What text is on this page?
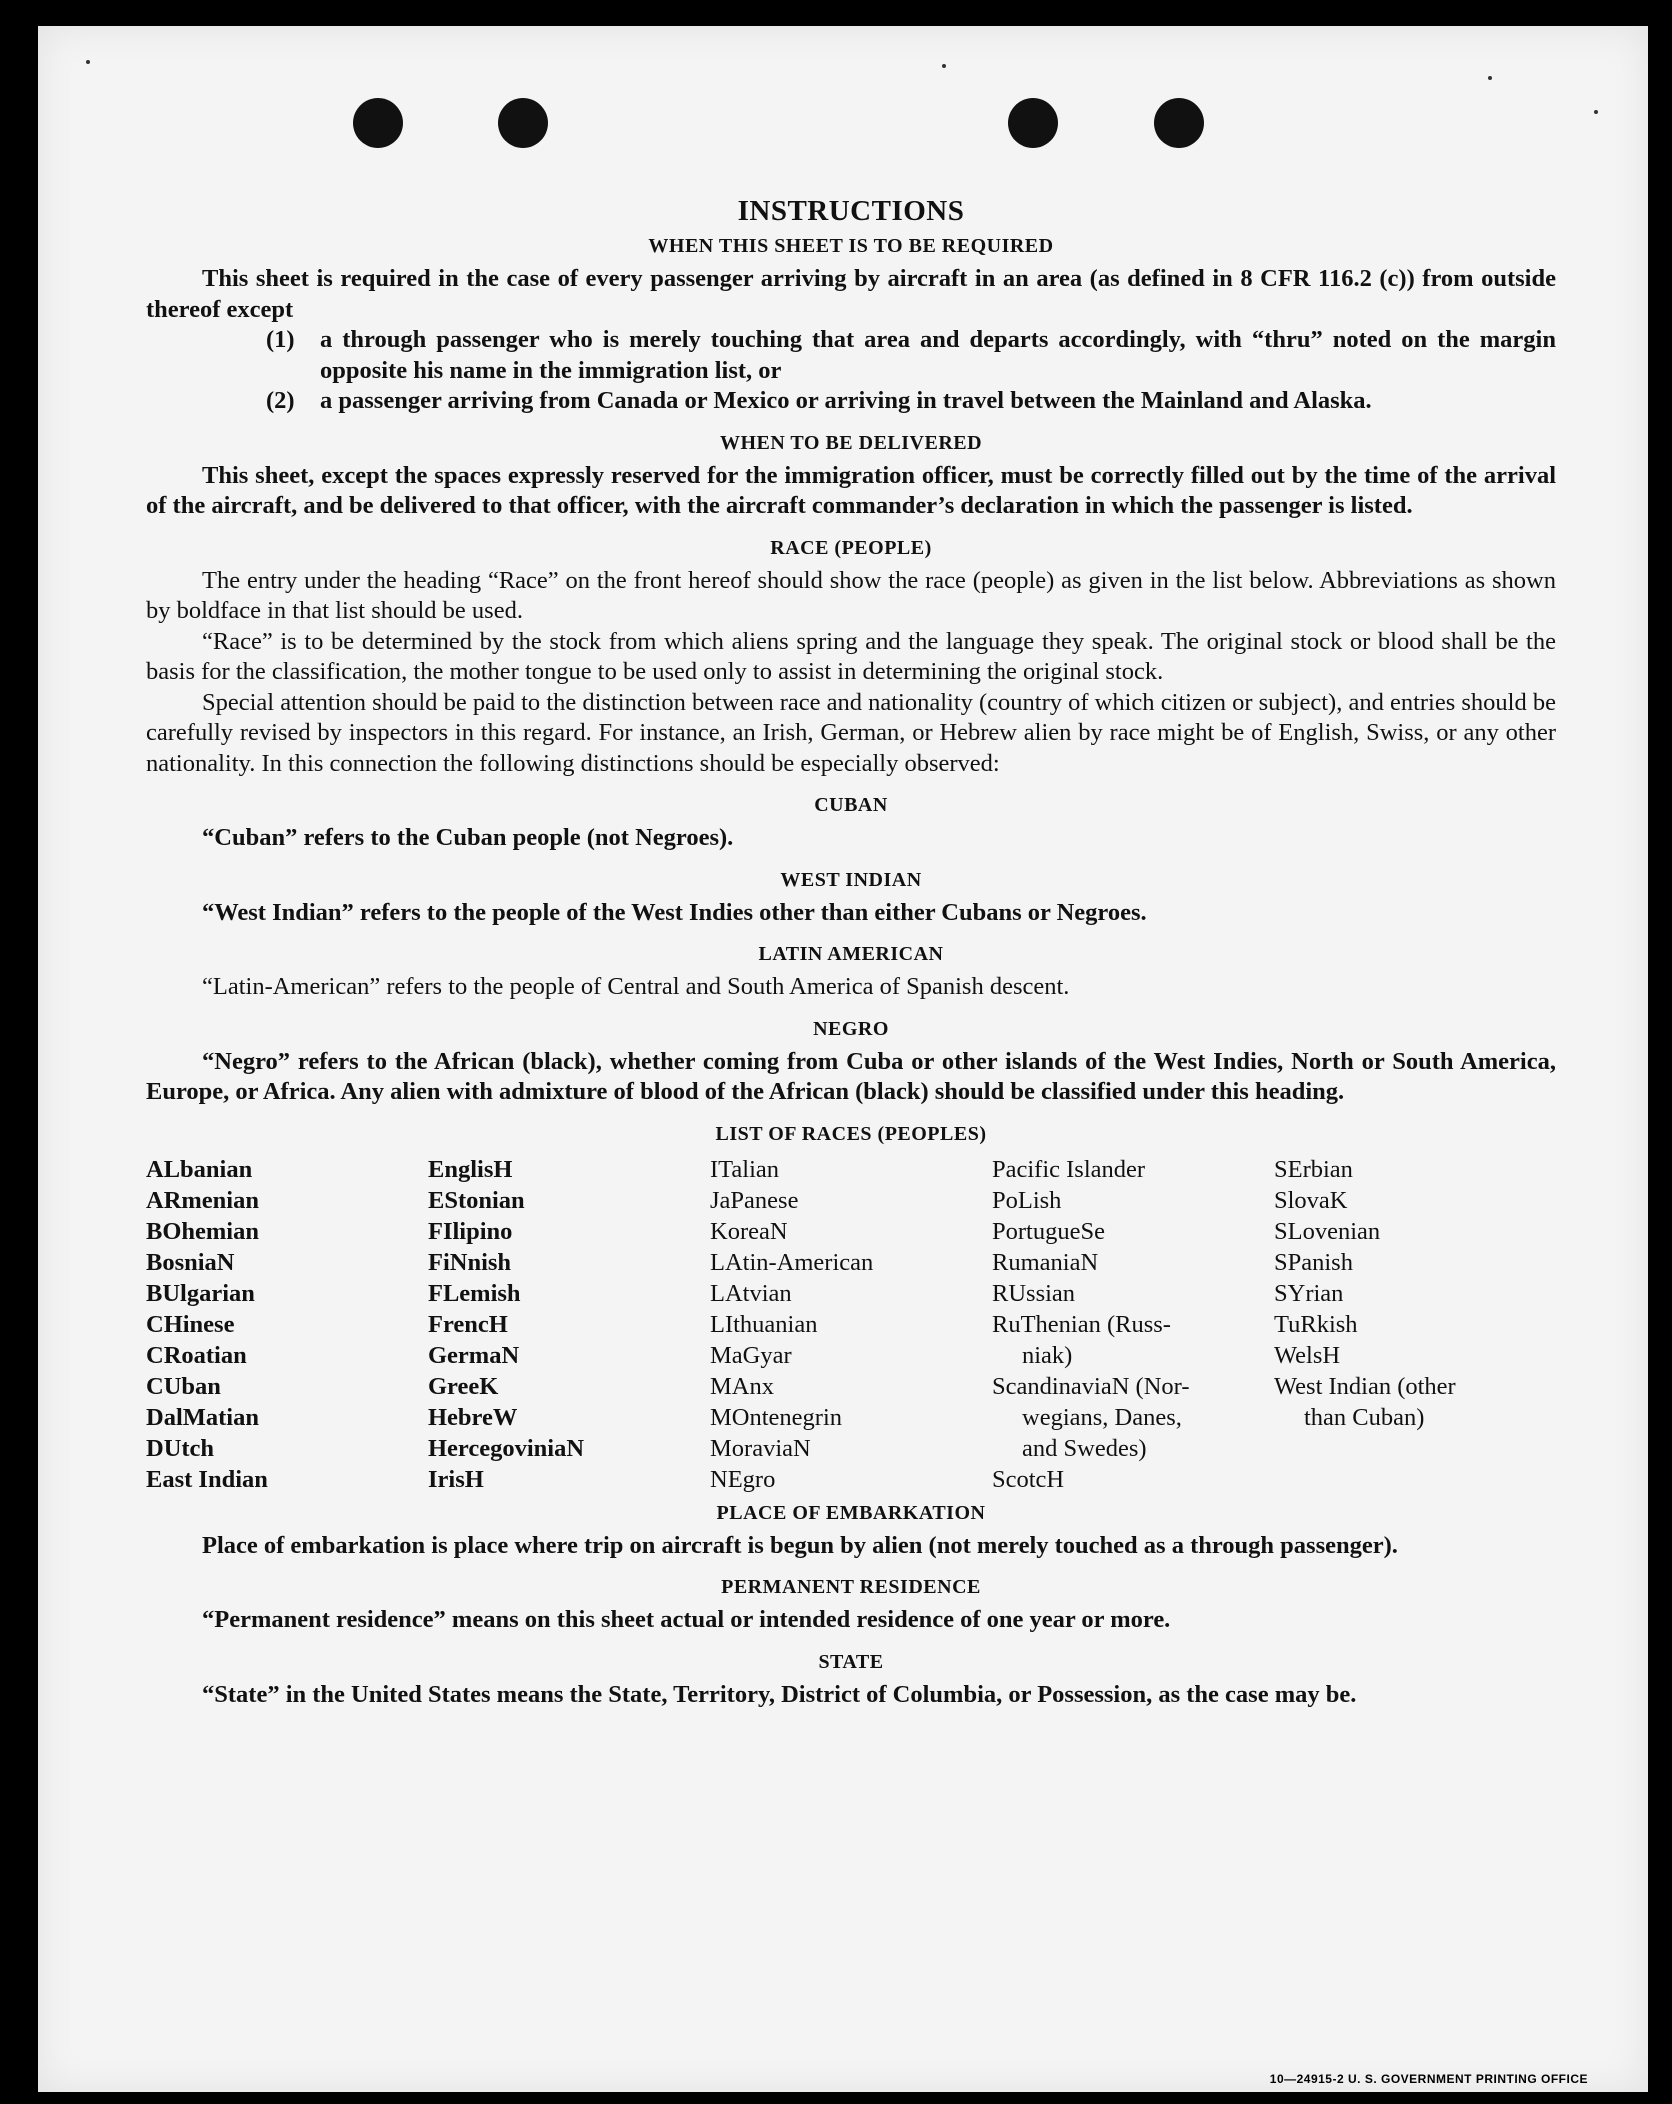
INSTRUCTIONS
WHEN THIS SHEET IS TO BE REQUIRED

This sheet is required in the case of every passenger arriving by aircraft in an area (as defined in 8 CFR 116.2 (c)) from outside thereof except

(1)	a through passenger who is merely touching that area and departs accordingly, with “thru” noted on the margin opposite his name in the immigration list, or
(2)	a passenger arriving from Canada or Mexico or arriving in travel between the Mainland and Alaska.
WHEN TO BE DELIVERED

This sheet, except the spaces expressly reserved for the immigration officer, must be correctly filled out by the time of the arrival of the aircraft, and be delivered to that officer, with the aircraft commander’s declaration in which the passenger is listed.

RACE (PEOPLE)

The entry under the heading “Race” on the front hereof should show the race (people) as given in the list below. Abbreviations as shown by boldface in that list should be used.

“Race” is to be determined by the stock from which aliens spring and the language they speak. The original stock or blood shall be the basis for the classification, the mother tongue to be used only to assist in determining the original stock.

Special attention should be paid to the distinction between race and nationality (country of which citizen or subject), and entries should be carefully revised by inspectors in this regard. For instance, an Irish, German, or Hebrew alien by race might be of English, Swiss, or any other nationality. In this connection the following distinctions should be especially observed:

CUBAN

“Cuban” refers to the Cuban people (not Negroes).

WEST INDIAN

“West Indian” refers to the people of the West Indies other than either Cubans or Negroes.

LATIN AMERICAN

“Latin-American” refers to the people of Central and South America of Spanish descent.

NEGRO

“Negro” refers to the African (black), whether coming from Cuba or other islands of the West Indies, North or South America, Europe, or Africa. Any alien with admixture of blood of the African (black) should be classified under this heading.

LIST OF RACES (PEOPLES)
ALbanian
ARmenian
BOhemian
BosniaN
BUlgarian
CHinese
CRoatian
CUban
DalMatian
DUtch
East Indian
EnglisH
EStonian
FIlipino
FiNnish
FLemish
FrencH
GermaN
GreeK
HebreW
HercegoviniaN
IrisH
ITalian
JaPanese
KoreaN
LAtin-American
LAtvian
LIthuanian
MaGyar
MAnx
MOntenegrin
MoraviaN
NEgro
Pacific Islander
PoLish
PortugueSe
RumaniaN
RUssian
RuThenian (Russ-
niak)
ScandinaviaN (Nor-
wegians, Danes,
and Swedes)
ScotcH
SErbian
SlovaK
SLovenian
SPanish
SYrian
TuRkish
WelsH
West Indian (other
than Cuban)
PLACE OF EMBARKATION

Place of embarkation is place where trip on aircraft is begun by alien (not merely touched as a through passenger).

PERMANENT RESIDENCE

“Permanent residence” means on this sheet actual or intended residence of one year or more.

STATE

“State” in the United States means the State, Territory, District of Columbia, or Possession, as the case may be.

10—24915-2 U. S. GOVERNMENT PRINTING OFFICE
